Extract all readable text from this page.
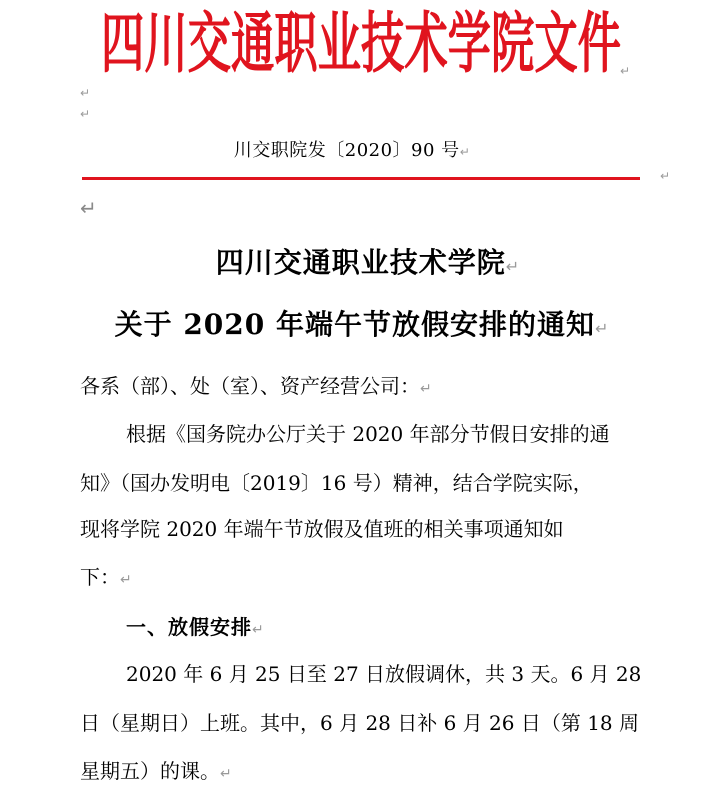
四川交通职业技术学院文件 ↵
↵
↵
川交职院发〔2020〕90 号↵
↵
↵
四川交通职业技术学院↵
关于 2020 年端午节放假安排的通知↵
各系（部）、处（室）、资产经营公司：↵
根据《国务院办公厅关于 2020 年部分节假日安排的通
知》（国办发明电〔2019〕16 号）精神，结合学院实际，
现将学院 2020 年端午节放假及值班的相关事项通知如
下：↵
一、放假安排↵
2020 年 6 月 25 日至 27 日放假调休，共 3 天。6 月 28
日（星期日）上班。其中，6 月 28 日补 6 月 26 日（第 18 周
星期五）的课。↵
